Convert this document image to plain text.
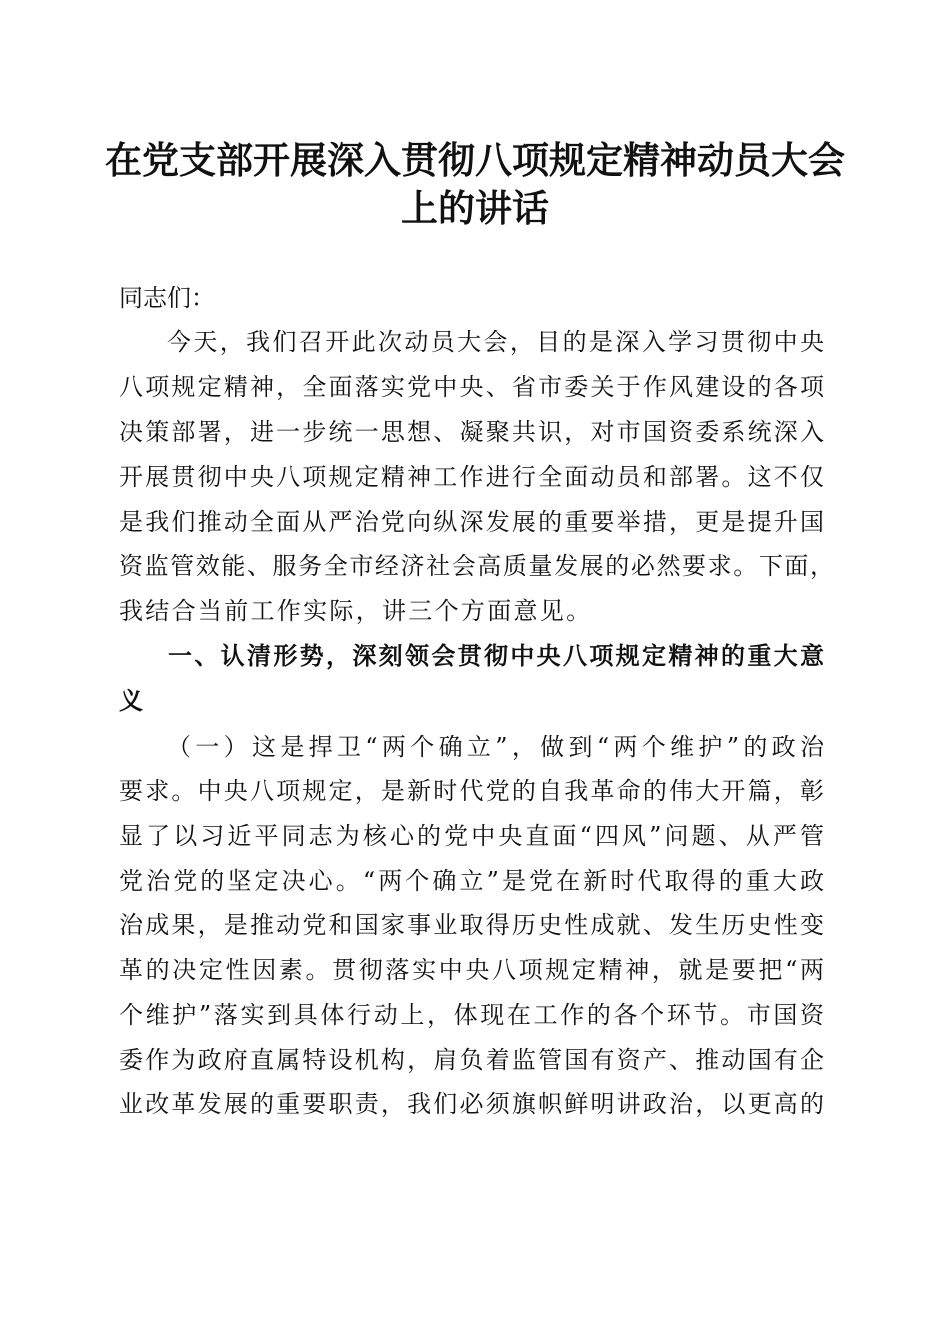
在党支部开展深入贯彻八项规定精神动员大会
上的讲话

同志们：

今天，我们召开此次动员大会，目的是深入学习贯彻中央

八项规定精神，全面落实党中央、省市委关于作风建设的各项

决策部署，进一步统一思想、凝聚共识，对市国资委系统深入

开展贯彻中央八项规定精神工作进行全面动员和部署。这不仅

是我们推动全面从严治党向纵深发展的重要举措，更是提升国

资监管效能、服务全市经济社会高质量发展的必然要求。下面，

我结合当前工作实际，讲三个方面意见。

一、认清形势，深刻领会贯彻中央八项规定精神的重大意

义

（一）这是捍卫“两个确立”，做到“两个维护”的政治

要求。中央八项规定，是新时代党的自我革命的伟大开篇，彰

显了以习近平同志为核心的党中央直面“四风”问题、从严管

党治党的坚定决心。“两个确立”是党在新时代取得的重大政

治成果，是推动党和国家事业取得历史性成就、发生历史性变

革的决定性因素。贯彻落实中央八项规定精神，就是要把“两

个维护”落实到具体行动上，体现在工作的各个环节。市国资

委作为政府直属特设机构，肩负着监管国有资产、推动国有企

业改革发展的重要职责，我们必须旗帜鲜明讲政治，以更高的
